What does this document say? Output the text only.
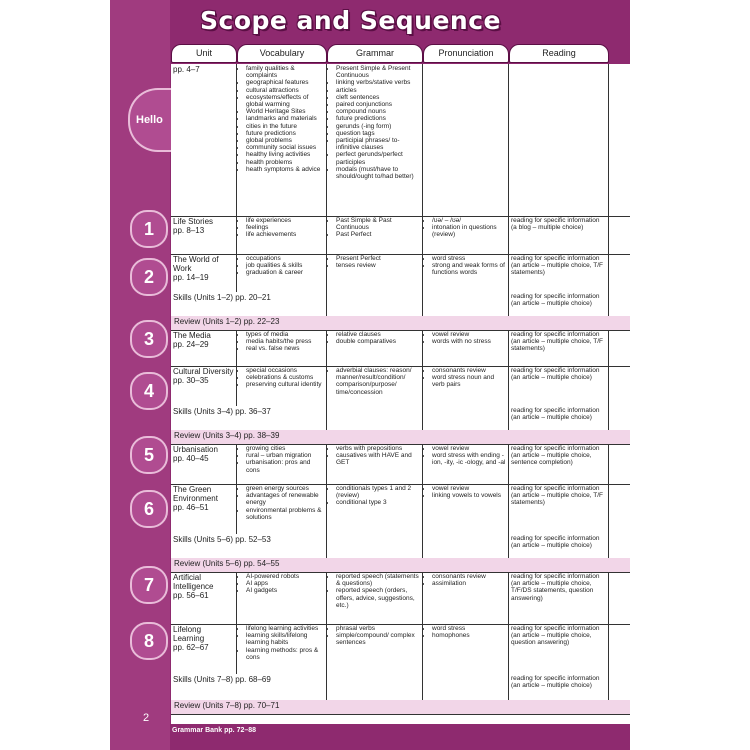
Scope and Sequence
Unit	Vocabulary	Grammar	Pronunciation	Reading
Hello
pp. 4–7
•	family qualities & complaints
• geographical features
• cultural attractions
• ecosystems/effects of global warming
• World Heritage Sites
• landmarks and materials
• cities in the future
• future predictions
• global problems
• community social issues
• healthy living activities
• health problems
• heath symptoms & advice
• Present Simple & Present Continuous
• linking verbs/stative verbs
• articles
• cleft sentences
• paired conjunctions
• compound nouns
• future predictions
• gerunds (-ing form)
• question tags
• participial phrases/ to-infinitive clauses
• perfect gerunds/perfect participles
• modals (must/have to should/ought to/had better)
Life Stories
pp. 8–13
• life experiences
• feelings
• life achievements
• Past Simple & Past Continuous
• Past Perfect
• /ʊə/ – /ʊə/
• intonation in questions (review)
reading for specific information (a blog – multiple choice)
The World of Work
pp. 14–19
• occupations
• job qualities & skills
• graduation & career
• Present Perfect
• tenses review
• word stress
• strong and weak forms of functions words
reading for specific information (an article – multiple choice, T/F statements)
Skills (Units 1–2) pp. 20–21	reading for specific information (an article – multiple choice)
Review (Units 1–2) pp. 22–23
The Media
pp. 24–29
• types of media
• media habits/the press
• real vs. false news
• relative clauses
• double comparatives
• vowel review
• words with no stress
reading for specific information (an article – multiple choice, T/F statements)
Cultural Diversity
pp. 30–35
• special occasions
• celebrations & customs
• preserving cultural identity
• adverbial clauses: reason/ manner/result/condition/ comparison/purpose/ time/concession
• consonants review
• word stress noun and verb pairs
reading for specific information (an article – multiple choice)
Skills (Units 3–4) pp. 36–37	reading for specific information (an article – multiple choice)
Review (Units 3–4) pp. 38–39
Urbanisation
pp. 40–45
• growing cities
• rural – urban migration
• urbanisation: pros and cons
• verbs with prepositions
• causatives with HAVE and GET
• vowel review
• word stress with ending -ion, -ity, -ic -ology, and -al
reading for specific information (an article – multiple choice, sentence completion)
The Green Environment
pp. 46–51
• green energy sources
• advantages of renewable energy
• environmental problems & solutions
• conditionals types 1 and 2 (review)
• conditional type 3
• vowel review
• linking vowels to vowels
reading for specific information (an article – multiple choice, T/F statements)
Skills (Units 5–6) pp. 52–53	reading for specific information (an article – multiple choice)
Review (Units 5–6) pp. 54–55
Artificial Intelligence
pp. 56–61
• AI-powered robots
• AI apps
• AI gadgets
• reported speech (statements & questions)
• reported speech (orders, offers, advice, suggestions, etc.)
• consonants review
• assimilation
reading for specific information (an article – multiple choice, T/F/DS statements, question answering)
Lifelong Learning
pp. 62–67
• lifelong learning activities
• learning skills/lifelong learning habits
• learning methods: pros & cons
• phrasal verbs
• simple/compound/ complex sentences
• word stress
• homophones
reading for specific information (an article – multiple choice, question answering)
Skills (Units 7–8) pp. 68–69	reading for specific information (an article – multiple choice)
Review (Units 7–8) pp. 70–71
1
2
3
4
5
6
7
8
2
Grammar Bank pp. 72–88
